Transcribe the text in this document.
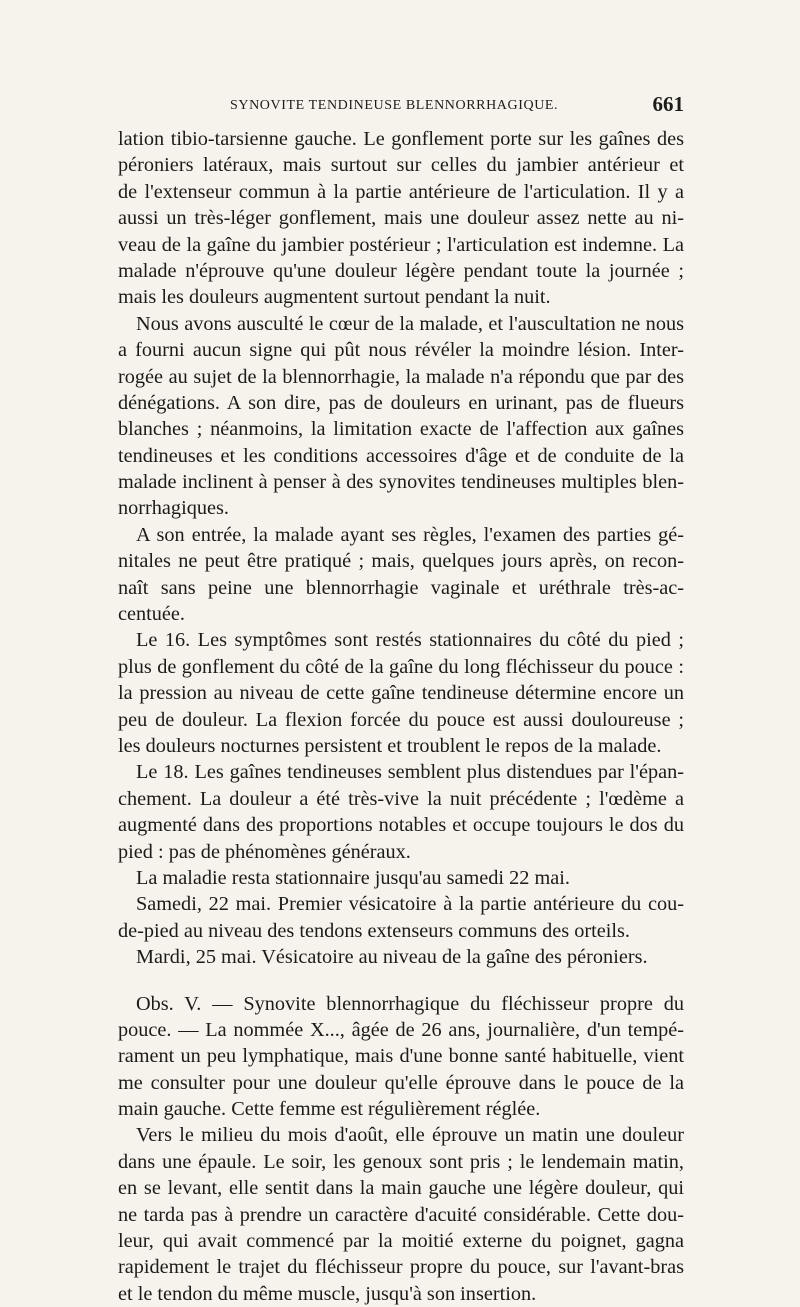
SYNOVITE TENDINEUSE BLENNORRHAGIQUE.	661
lation tibio-tarsienne gauche. Le gonflement porte sur les gaînes des
péroniers latéraux, mais surtout sur celles du jambier antérieur et
de l'extenseur commun à la partie antérieure de l'articulation. Il y a
aussi un très-léger gonflement, mais une douleur assez nette au ni-
veau de la gaîne du jambier postérieur ; l'articulation est indemne. La
malade n'éprouve qu'une douleur légère pendant toute la journée ;
mais les douleurs augmentent surtout pendant la nuit.
Nous avons ausculté le cœur de la malade, et l'auscultation ne nous
a fourni aucun signe qui pût nous révéler la moindre lésion. Inter-
rogée au sujet de la blennorrhagie, la malade n'a répondu que par des
dénégations. A son dire, pas de douleurs en urinant, pas de flueurs
blanches ; néanmoins, la limitation exacte de l'affection aux gaînes
tendineuses et les conditions accessoires d'âge et de conduite de la
malade inclinent à penser à des synovites tendineuses multiples blen-
norrhagiques.
A son entrée, la malade ayant ses règles, l'examen des parties gé-
nitales ne peut être pratiqué ; mais, quelques jours après, on recon-
naît sans peine une blennorrhagie vaginale et uréthrale très-ac-
centuée.
Le 16. Les symptômes sont restés stationnaires du côté du pied ;
plus de gonflement du côté de la gaîne du long fléchisseur du pouce :
la pression au niveau de cette gaîne tendineuse détermine encore un
peu de douleur. La flexion forcée du pouce est aussi douloureuse ;
les douleurs nocturnes persistent et troublent le repos de la malade.
Le 18. Les gaînes tendineuses semblent plus distendues par l'épan-
chement. La douleur a été très-vive la nuit précédente ; l'œdème a
augmenté dans des proportions notables et occupe toujours le dos du
pied : pas de phénomènes généraux.
La maladie resta stationnaire jusqu'au samedi 22 mai.
Samedi, 22 mai. Premier vésicatoire à la partie antérieure du cou-
de-pied au niveau des tendons extenseurs communs des orteils.
Mardi, 25 mai. Vésicatoire au niveau de la gaîne des péroniers.
Obs. V. — Synovite blennorrhagique du fléchisseur propre du
pouce. — La nommée X..., âgée de 26 ans, journalière, d'un tempé-
rament un peu lymphatique, mais d'une bonne santé habituelle, vient
me consulter pour une douleur qu'elle éprouve dans le pouce de la
main gauche. Cette femme est régulièrement réglée.
Vers le milieu du mois d'août, elle éprouve un matin une douleur
dans une épaule. Le soir, les genoux sont pris ; le lendemain matin,
en se levant, elle sentit dans la main gauche une légère douleur, qui
ne tarda pas à prendre un caractère d'acuité considérable. Cette dou-
leur, qui avait commencé par la moitié externe du poignet, gagna
rapidement le trajet du fléchisseur propre du pouce, sur l'avant-bras
et le tendon du même muscle, jusqu'à son insertion.
